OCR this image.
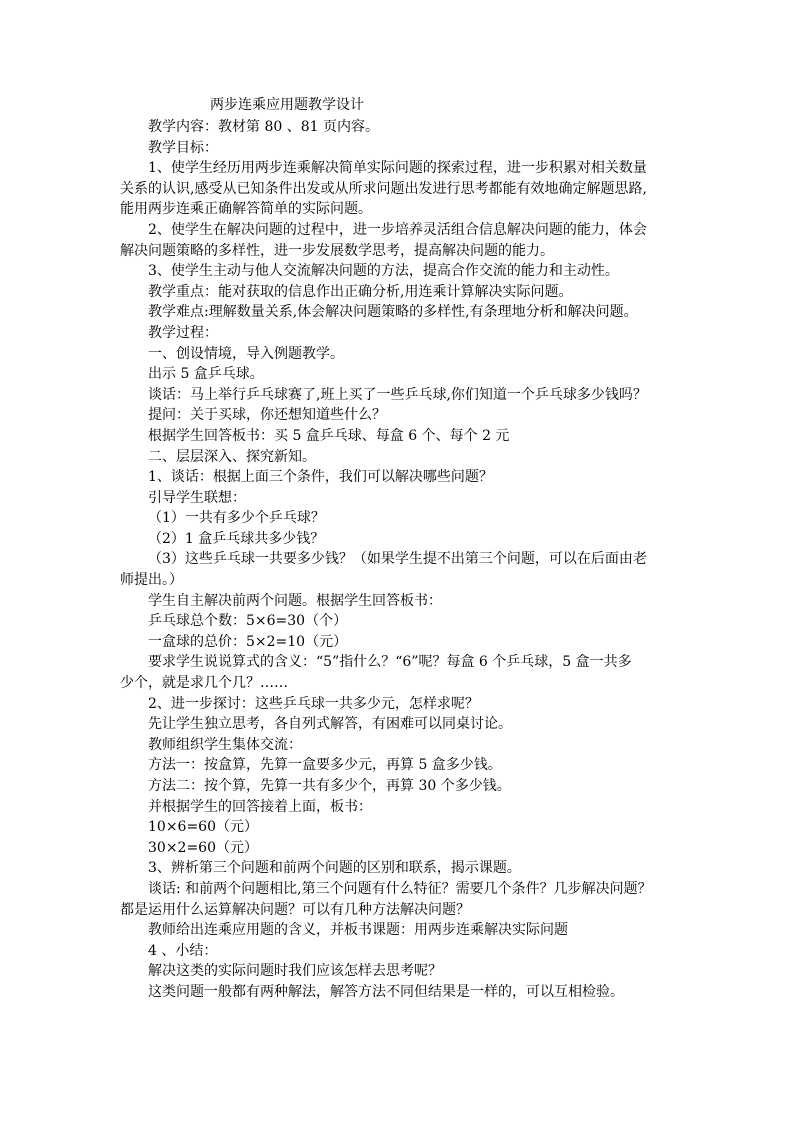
两步连乘应用题教学设计
教学内容：教材第 80 、81 页内容。
教学目标：
1、使学生经历用两步连乘解决简单实际问题的探索过程，进一步积累对相关数量
关系的认识,感受从已知条件出发或从所求问题出发进行思考都能有效地确定解题思路,
能用两步连乘正确解答简单的实际问题。
2、使学生在解决问题的过程中，进一步培养灵活组合信息解决问题的能力，体会
解决问题策略的多样性，进一步发展数学思考，提高解决问题的能力。
3、使学生主动与他人交流解决问题的方法，提高合作交流的能力和主动性。
教学重点：能对获取的信息作出正确分析,用连乘计算解决实际问题。
教学难点:理解数量关系,体会解决问题策略的多样性,有条理地分析和解决问题。
教学过程：
一、创设情境，导入例题教学。
出示 5 盒乒乓球。
谈话：马上举行乒乓球赛了,班上买了一些乒乓球,你们知道一个乒乓球多少钱吗？
提问：关于买球，你还想知道些什么？
根据学生回答板书：买 5 盒乒乓球、每盒 6 个、每个 2 元
二、层层深入、探究新知。
1、谈话：根据上面三个条件，我们可以解决哪些问题？
引导学生联想：
（1）一共有多少个乒乓球？
（2）1 盒乒乓球共多少钱？
（3）这些乒乓球一共要多少钱？（如果学生提不出第三个问题，可以在后面由老
师提出。）
学生自主解决前两个问题。根据学生回答板书：
乒乓球总个数：5×6=30（个）
一盒球的总价：5×2=10（元）
要求学生说说算式的含义：“5”指什么？“6”呢？每盒 6 个乒乓球，5 盒一共多
少个，就是求几个几？……
2、进一步探讨：这些乒乓球一共多少元，怎样求呢？
先让学生独立思考，各自列式解答，有困难可以同桌讨论。
教师组织学生集体交流：
方法一：按盒算，先算一盒要多少元，再算 5 盒多少钱。
方法二：按个算，先算一共有多少个，再算 30 个多少钱。
并根据学生的回答接着上面，板书：
10×6=60（元）
30×2=60（元）
3、辨析第三个问题和前两个问题的区别和联系，揭示课题。
谈话: 和前两个问题相比,第三个问题有什么特征？需要几个条件？几步解决问题？
都是运用什么运算解决问题？可以有几种方法解决问题？
教师给出连乘应用题的含义，并板书课题：用两步连乘解决实际问题
4 、小结：
解决这类的实际问题时我们应该怎样去思考呢？
这类问题一般都有两种解法，解答方法不同但结果是一样的，可以互相检验。
